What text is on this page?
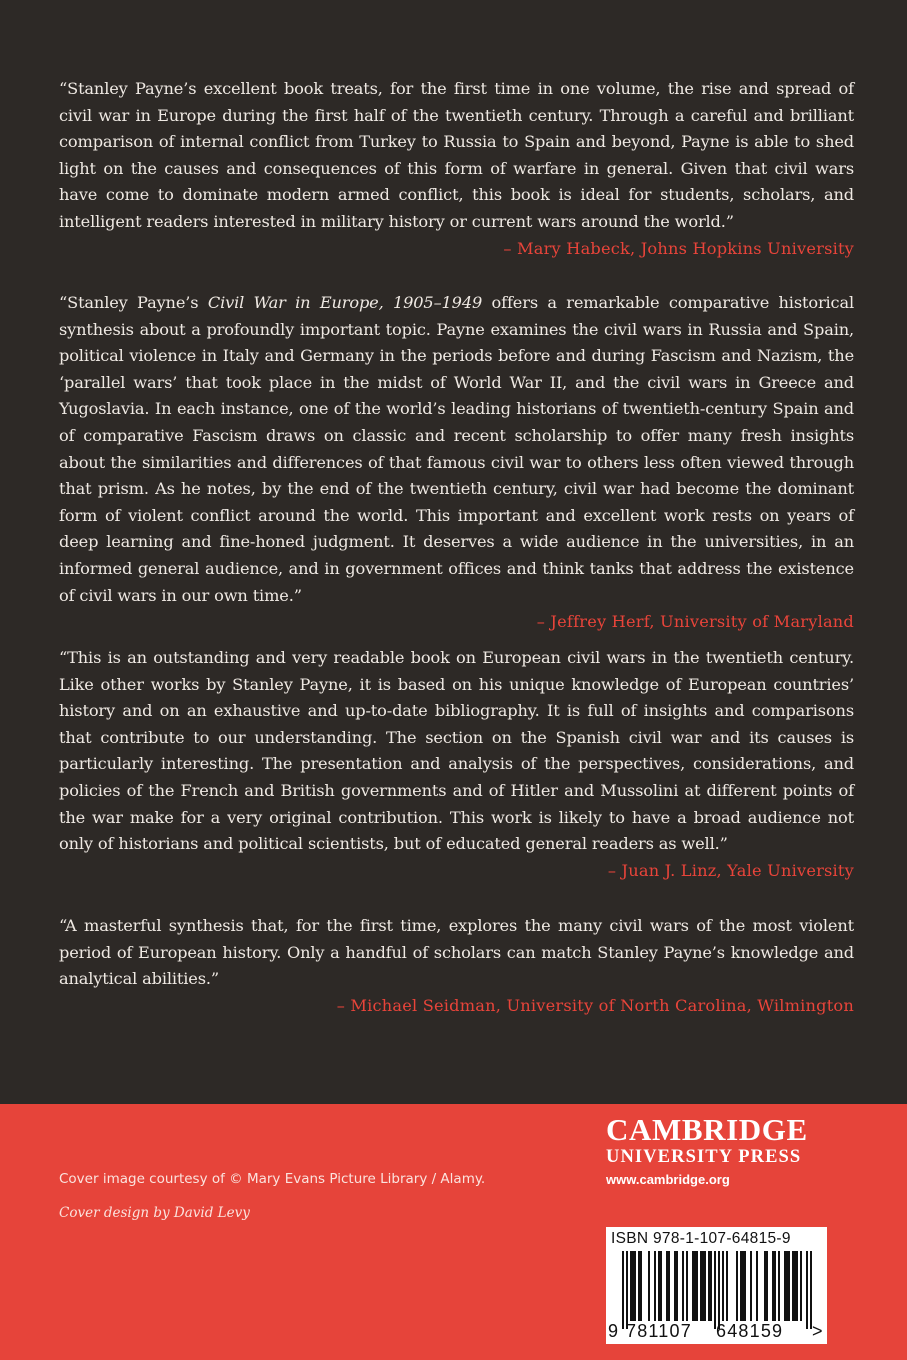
“Stanley Payne’s excellent book treats, for the first time in one volume, the rise and spread of civil war in Europe during the first half of the twentieth century. Through a careful and brilliant comparison of internal conflict from Turkey to Russia to Spain and beyond, Payne is able to shed light on the causes and consequences of this form of warfare in general. Given that civil wars have come to dominate modern armed conflict, this book is ideal for students, scholars, and intelligent readers interested in military history or current wars around the world.”

– Mary Habeck, Johns Hopkins University

“Stanley Payne’s Civil War in Europe, 1905–1949 offers a remarkable comparative historical synthesis about a profoundly important topic. Payne examines the civil wars in Russia and Spain, political violence in Italy and Germany in the periods before and during Fascism and Nazism, the ‘parallel wars’ that took place in the midst of World War II, and the civil wars in Greece and Yugoslavia. In each instance, one of the world’s leading historians of twentieth-century Spain and of comparative Fascism draws on classic and recent scholarship to offer many fresh insights about the similarities and differences of that famous civil war to others less often viewed through that prism. As he notes, by the end of the twentieth century, civil war had become the dominant form of violent conflict around the world. This important and excellent work rests on years of deep learning and fine-honed judgment. It deserves a wide audience in the universities, in an informed general audience, and in government offices and think tanks that address the existence of civil wars in our own time.”

– Jeffrey Herf, University of Maryland

“This is an outstanding and very readable book on European civil wars in the twentieth century. Like other works by Stanley Payne, it is based on his unique knowledge of European countries’ history and on an exhaustive and up-to-date bibliography. It is full of insights and comparisons that contribute to our understanding. The section on the Spanish civil war and its causes is particularly interesting. The presentation and analysis of the perspectives, considerations, and policies of the French and British governments and of Hitler and Mussolini at different points of the war make for a very original contribution. This work is likely to have a broad audience not only of historians and political scientists, but of educated general readers as well.”

– Juan J. Linz, Yale University

“A masterful synthesis that, for the first time, explores the many civil wars of the most violent period of European history. Only a handful of scholars can match Stanley Payne’s knowledge and analytical abilities.”

– Michael Seidman, University of North Carolina, Wilmington

Cover image courtesy of © Mary Evans Picture Library / Alamy.

Cover design by David Levy

CAMBRIDGE

UNIVERSITY PRESS

www.cambridge.org

ISBN 978-1-107-64815-9

9 781107 648159 >
